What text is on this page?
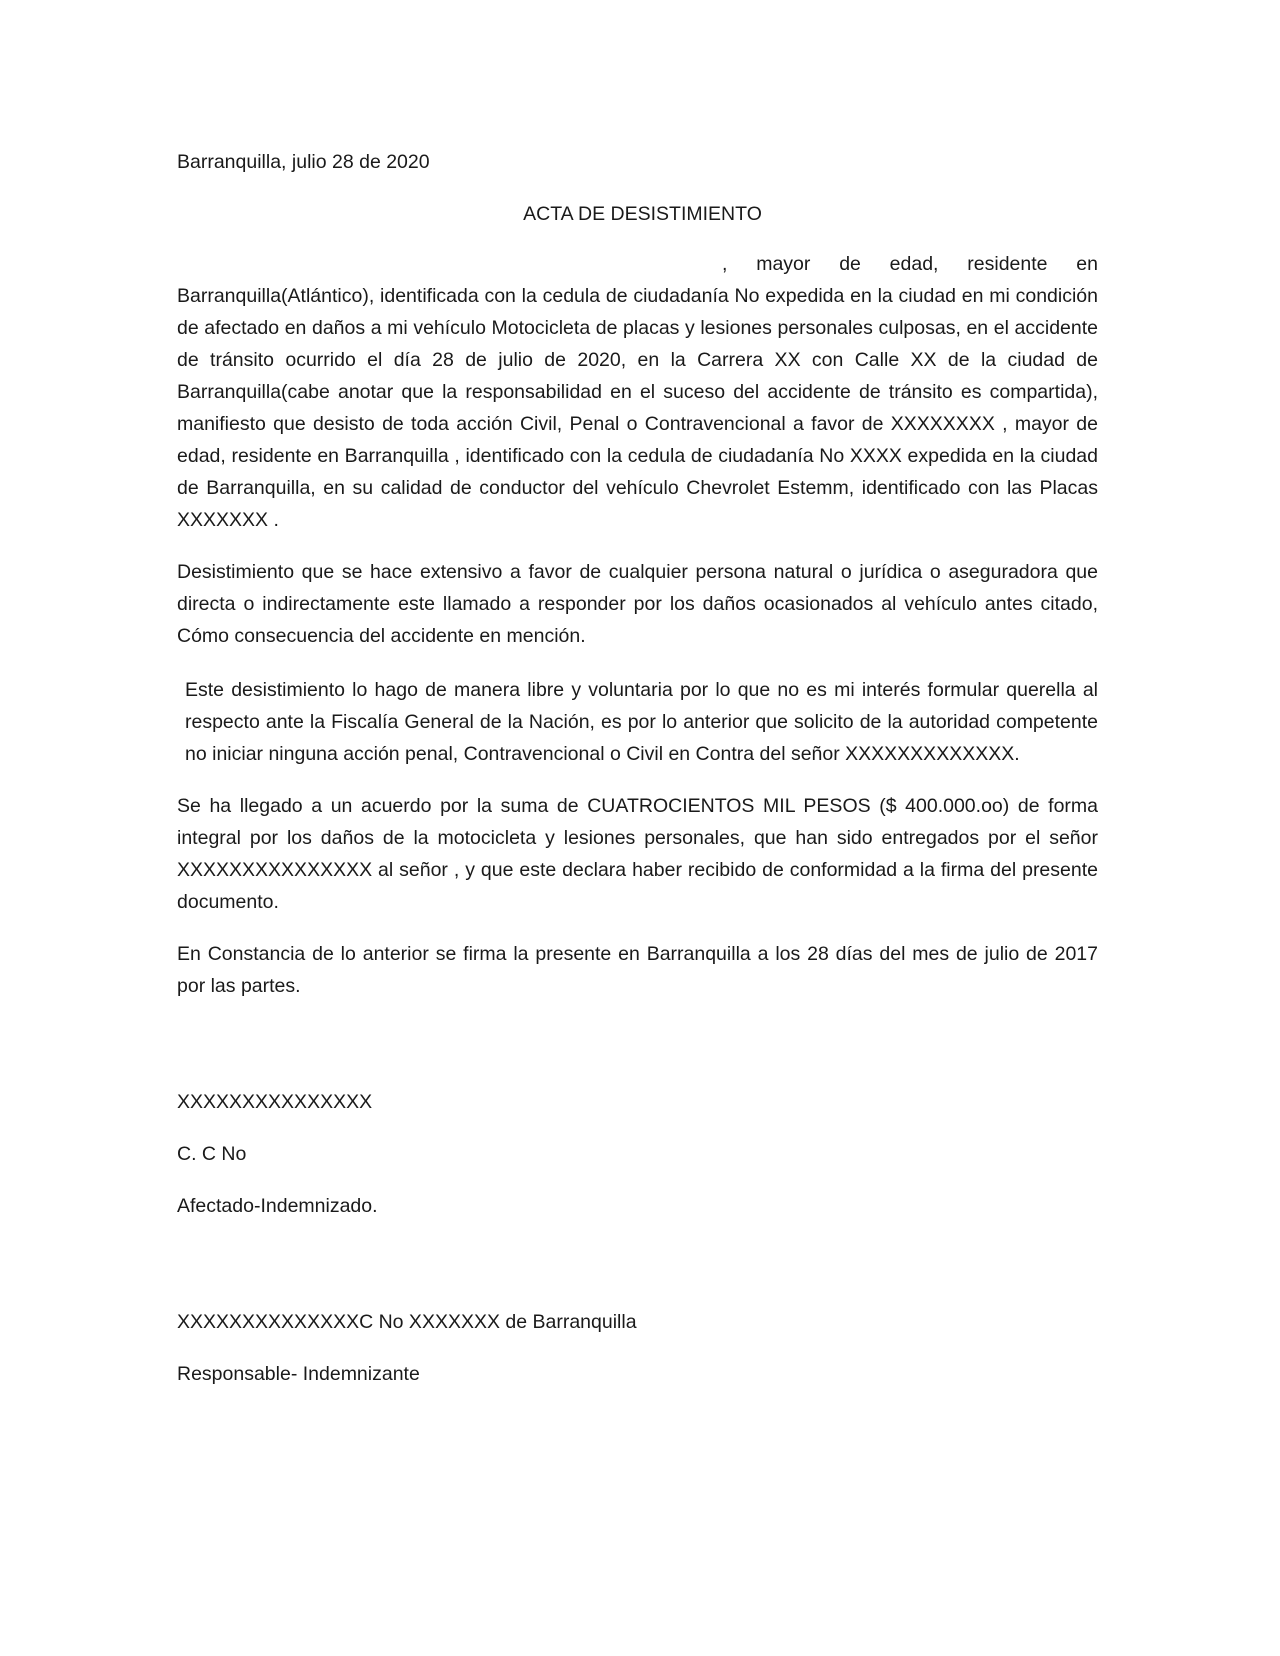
Barranquilla, julio 28 de 2020

ACTA DE DESISTIMIENTO

, mayor de edad, residente en Barranquilla(Atlántico), identificada con la cedula de ciudadanía No expedida en la ciudad en mi condición de afectado en daños a mi vehículo Motocicleta de placas y lesiones personales culposas, en el accidente de tránsito ocurrido el día 28 de julio de 2020, en la Carrera XX con Calle XX de la ciudad de Barranquilla(cabe anotar que la responsabilidad en el suceso del accidente de tránsito es compartida), manifiesto que desisto de toda acción Civil, Penal o Contravencional a favor de XXXXXXXX , mayor de edad, residente en Barranquilla , identificado con la cedula de ciudadanía No XXXX expedida en la ciudad de Barranquilla, en su calidad de conductor del vehículo Chevrolet Estemm, identificado con las Placas XXXXXXX .

Desistimiento que se hace extensivo a favor de cualquier persona natural o jurídica o aseguradora que directa o indirectamente este llamado a responder por los daños ocasionados al vehículo antes citado, Cómo consecuencia del accidente en mención.

Este desistimiento lo hago de manera libre y voluntaria por lo que no es mi interés formular querella al respecto ante la Fiscalía General de la Nación, es por lo anterior que solicito de la autoridad competente no iniciar ninguna acción penal, Contravencional o Civil en Contra del señor XXXXXXXXXXXXX.

Se ha llegado a un acuerdo por la suma de CUATROCIENTOS MIL PESOS ($ 400.000.oo) de forma integral por los daños de la motocicleta y lesiones personales, que han sido entregados por el señor XXXXXXXXXXXXXXX al señor , y que este declara haber recibido de conformidad a la firma del presente documento.

En Constancia de lo anterior se firma la presente en Barranquilla a los 28 días del mes de julio de 2017 por las partes.

XXXXXXXXXXXXXXX

C. C No

Afectado-Indemnizado.

XXXXXXXXXXXXXXC No XXXXXXX de Barranquilla

Responsable- Indemnizante
